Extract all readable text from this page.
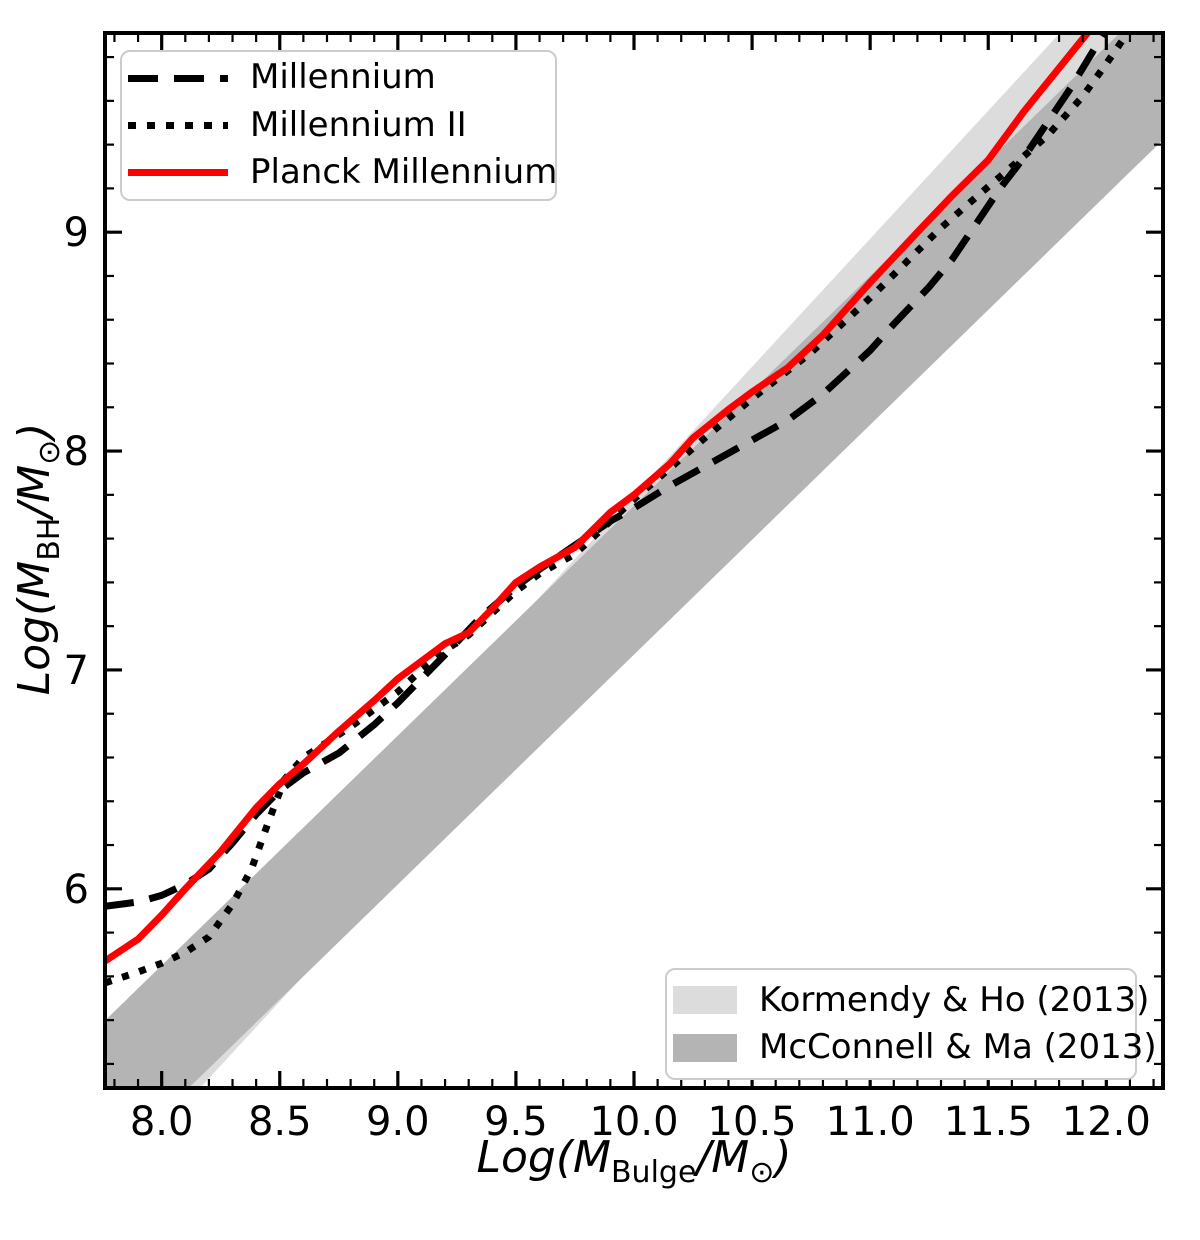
8.0 8.5 9.0 9.5 10.0 10.5 11.0 11.5 12.0
6
7
8
9
Millennium
Millennium II
Planck Millennium
Kormendy & Ho (2013)
McConnell & Ma (2013)
$Log(M_{Bulge}/M_⊙)$
$Log(M_{BH}/M_⊙)$
